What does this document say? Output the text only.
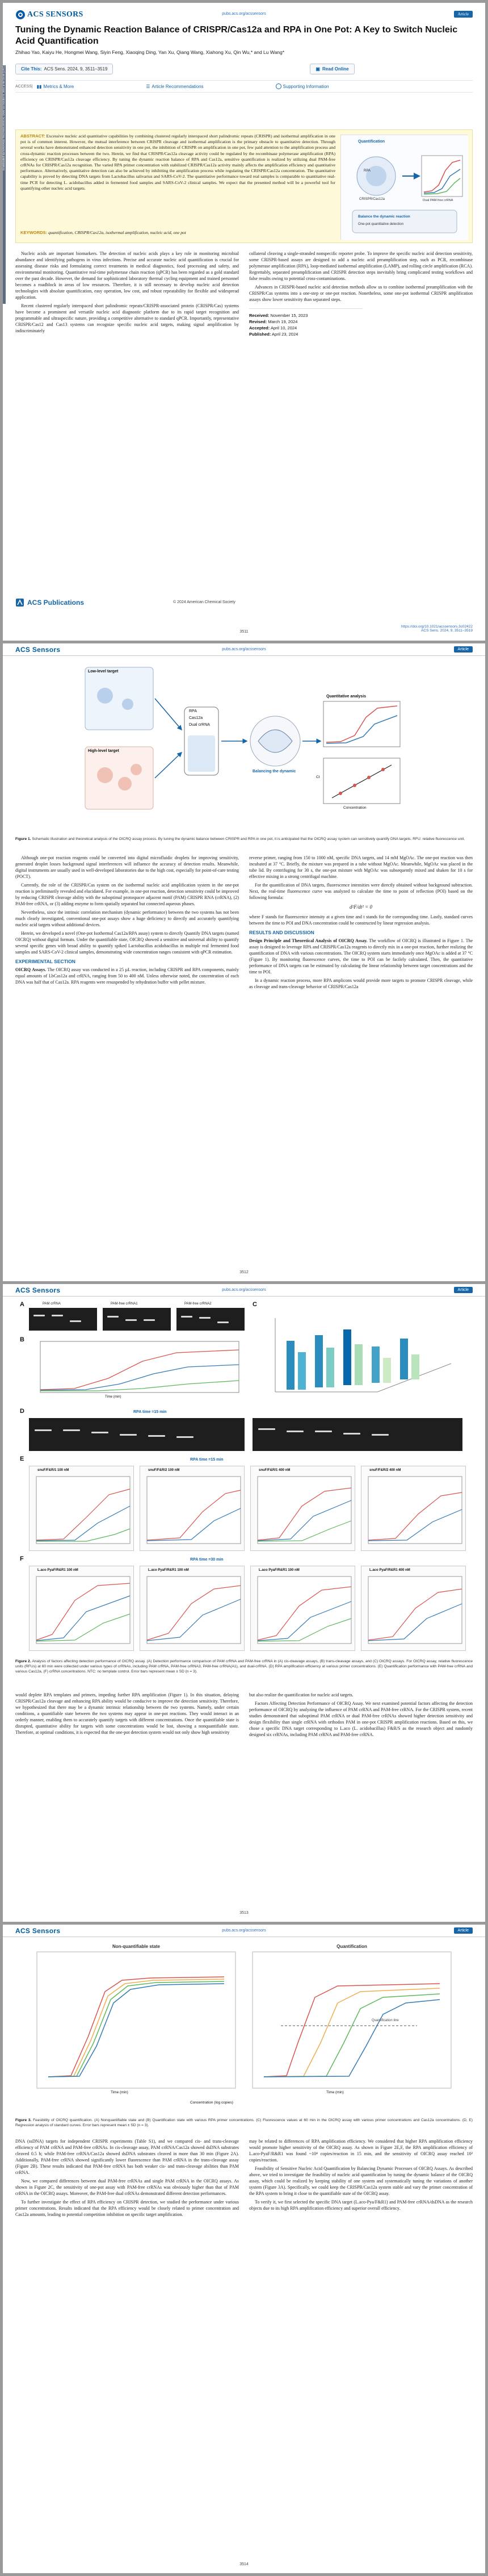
Downloaded via NANYANG TECHNOLOGICAL UNIV on October 8, 2024 at 06:15:40 (UTC).
ACS SENSORS	pubs.acs.org/acssensors	Article
Tuning the Dynamic Reaction Balance of CRISPR/Cas12a and RPA in One Pot: A Key to Switch Nucleic Acid Quantification
Zhihao Yao, Kaiyu He, Hongmei Wang, Siyin Feng, Xiaoqing Ding, Yan Xu, Qiang Wang, Xiahong Xu, Qin Wu,* and Lu Wang*
Cite This: ACS Sens. 2024, 9, 3511–3519	▣ Read Online
ACCESS| ▮▮ Metrics & More	☰ Article Recommendations	Supporting Information
ABSTRACT: Excessive nucleic acid quantitative capabilities by combining clustered regularly interspaced short palindromic repeats (CRISPR) and isothermal amplification in one pot is of common interest. However, the mutual interference between CRISPR cleavage and isothermal amplification is the primary obstacle to quantitative detection. Through several works have demonstrated enhanced detection sensitivity in one pot, the inhibition of CRISPR on amplification in one pot, few paid attention to the amplification process and cross-dynamic reaction processes between the two. Herein, we find that CRISPR/Cas12a cleavage activity could be regulated by the recombinase polymerase amplification (RPA) efficiency on CRISPR/Cas12a cleavage efficiency. By tuning the dynamic reaction balance of RPA and Cas12a, sensitive quantification is realized by utilizing dual PAM-free crRNAs for CRISPR/Cas12a recognition. The varied RPA primer concentration with stabilized CRISPR/Cas12a activity mainly affects the amplification efficiency and quantitative performance. Alternatively, quantitative detection can also be achieved by inhibiting the amplification process while regulating the CRISPR/Cas12a concentration. The quantitative capability is proved by detecting DNA targets from Lactobacillus salivarius and SARS-CoV-2. The quantitative performance toward real samples is comparable to quantitative real-time PCR for detecting L. acidobacillus added in fermented food samples and SARS-CoV-2 clinical samples. We expect that the presented method will be a powerful tool for quantifying other nucleic acid targets.
Quantification
RPA
CRISPR/Cas12a	Dual PAM-free crRNA
Balance the dynamic reaction
One-pot quantitative detection
KEYWORDS: quantification, CRISPR/Cas12a, isothermal amplification, nucleic acid, one pot

Nucleic acids are important biomarkers. The detection of nucleic acids plays a key role in monitoring microbial abundance and identifying pathogens in virus infections. Precise and accurate nucleic acid quantification is crucial for assessing disease risks and formulating correct treatments in medical diagnostics, food processing and safety, and environmental monitoring. Quantitative real-time polymerase chain reaction (qPCR) has been regarded as a gold standard over the past decade. However, the demand for sophisticated laboratory thermal cycling equipment and trained personnel becomes a roadblock in areas of low resources. Therefore, it is still necessary to develop nucleic acid detection technologies with absolute quantification, easy operation, low cost, and robust repeatability for flexible and widespread application.

Recent clustered regularly interspaced short palindromic repeats/CRISPR-associated protein (CRISPR/Cas) systems have become a prominent and versatile nucleic acid diagnostic platform due to its rapid target recognition and programmable and ultraspecific nature, providing a competitive alternative to standard qPCR. Importantly, representative CRISPR/Cas12 and Cas13 systems can recognize specific nucleic acid targets, making signal amplification by indiscriminately

collateral cleaving a single-stranded nonspecific reporter probe. To improve the specific nucleic acid detection sensitivity, some CRISPR-based assays are designed to add a nucleic acid preamplification step, such as PCR, recombinase polymerase amplification (RPA), loop-mediated isothermal amplification (LAMP), and rolling circle amplification (RCA). Regrettably, separated preamplification and CRISPR detection steps inevitably bring complicated testing workflows and false results owing to potential cross-contaminations.

Advances in CRISPR-based nucleic acid detection methods allow us to combine isothermal preamplification with the CRISPR/Cas systems into a one-step or one-pot reaction. Nonetheless, some one-pot isothermal CRISPR amplification assays show lower sensitivity than separated steps.

Received: November 15, 2023
Revised: March 19, 2024
Accepted: April 10, 2024
Published: April 23, 2024
ACS Publications	© 2024 American Chemical Society
3511
https://doi.org/10.1021/acssensors.3c02422
ACS Sens. 2024, 9, 3511–3519
ACS Sensors	pubs.acs.org/acssensors	Article
Low-level target
High-level target
RPA
Cas12a
Dual crRNA
Balancing the dynamic
Quantitative analysis
Ct
Concentration
Figure 1. Schematic illustration and theoretical analysis of the OICRQ assay process. By tuning the dynamic balance between CRISPR and RPA in one pot, it is anticipated that the OICRQ assay system can sensitively quantify DNA targets. RFU: relative fluorescence unit.

Although one-pot reaction reagents could be converted into digital microfluidic droplets for improving sensitivity, generated droplet losses background signal interferences will influence the accuracy of detection results. Meanwhile, digital instruments are usually used in well-developed laboratories due to the high cost, especially for point-of-care testing (POCT).

Currently, the role of the CRISPR/Cas system on the isothermal nucleic acid amplification system in the one-pot reaction is preliminarily revealed and elucidated. For example, in one-pot reaction, detection sensitivity could be improved by reducing CRISPR cleavage ability with the suboptimal protospacer adjacent motif (PAM) CRISPR RNA (crRNA), (2) PAM-free crRNA, or (3) adding enzyme to form spatially separated but connected aqueous phases.

Nevertheless, since the intrinsic correlation mechanism (dynamic performance) between the two systems has not been much clearly investigated, conventional one-pot assays show a huge deficiency to directly and accurately quantifying nucleic acid targets without additional devices.

Herein, we developed a novel (One-pot Isothermal Cas12a/RPA assay) system to directly Quantify DNA targets (named OICRQ) without digital formats. Under the quantifiable state, OICRQ showed a sensitive and universal ability to quantify several specific genes with broad ability to quantify spiked Lactobacillus acidobacillus in multiple real fermented food samples and SARS-CoV-2 clinical samples, demonstrating wide concentration ranges consistent with qPCR estimation.

EXPERIMENTAL SECTION

OICRQ Assays. The OICRQ assay was conducted in a 25 µL reaction, including CRISPR and RPA components, mainly equal amounts of LbCas12a and crRNA, ranging from 50 to 400 nM. Unless otherwise noted, the concentration of each DNA was half that of Cas12a. RPA reagents were resuspended by rehydration buffer with pellet mixture.

reverse primer, ranging from 150 to 1000 nM, specific DNA targets, and 14 mM MgOAc. The one-pot reaction was then incubated at 37 °C. Briefly, the mixture was prepared in a tube without MgOAc. Meanwhile, MgOAc was placed in the tube lid. By centrifuging for 30 s, the one-pot mixture with MgOAc was subsequently mixed and shaken for 10 s for effective mixing in a strong centrifugal machine.

For the quantification of DNA targets, fluorescence intensities were directly obtained without background subtraction. Next, the real-time fluorescence curve was analyzed to calculate the time to point of reflection (POI) based on the following formula:

d²F/dt² = 0

where F stands for fluorescence intensity at a given time and t stands for the corresponding time. Lastly, standard curves between the time to POI and DNA concentration could be constructed by linear regression analysis.

RESULTS AND DISCUSSION

Design Principle and Theoretical Analysis of OICRQ Assay. The workflow of OICRQ is illustrated in Figure 1. The assay is designed to leverage RPA and CRISPR/Cas12a reagents to directly mix in a one-pot reaction, further realizing the quantification of DNA with various concentrations. The OICRQ system starts immediately once MgOAc is added at 37 °C (Figure 1). By monitoring fluorescence curves, the time to POI can be facilely calculated. Then, the quantitative performance of DNA targets can be estimated by calculating the linear relationship between target concentrations and the time to POI.

In a dynamic reaction process, more RPA amplicons would provide more targets to promote CRISPR cleavage, while as cleavage and trans-cleavage behavior of CRISPR/Cas12a

3512
ACS Sensors	pubs.acs.org/acssensors	Article
A	PAM crRNA	PAM-free crRNA1	PAM-free crRNA2
B
Time (min)
C
D	RPA time =15 min
E	RPA time =15 min
snuF/F&R/1 100 nM	snuF/F&R/2 100 nM	snuF/F&R/1 400 nM	snuF/F&R/2 400 nM
F	RPA time =30 min
L.aco PyaF/R&R1 100 nM	L.aco PyaF/R&R1 100 nM	L.aco PyaF/R&R1 100 nM	L.aco PyaF/R&R1 400 nM
Figure 2. Analysis of factors affecting detection performance of OICRQ assay. (A) Detection performance comparison of PAM crRNA and PAM-free crRNA in (A) cis-cleavage assays, (B) trans-cleavage assays, and (C) OICRQ assays. For OICRQ assay, relative fluorescence units (RFUs) at 60 min were collected under various types of crRNAs, including PAM crRNA, PAM-free crRNA3, PAM-free crRNA(A1), and dual-crRNA. (D) RPA amplification efficiency at various primer concentrations. (E) Quantification performance with PAM-free crRNA and various Cas12a, (F) crRNA concentrations. NTC: no template control. Error bars represent mean ± SD (n = 3).

would deplete RPA templates and primers, impeding further RPA amplification (Figure 1). In this situation, delaying CRISPR/Cas12a cleavage and enhancing RPA ability would be conducive to improve the detection sensitivity. Therefore, we hypothesized that there may be a dynamic intrinsic relationship between the two systems. Namely, under certain conditions, a quantifiable state between the two systems may appear in one-pot reactions. They would interact in an orderly manner, enabling them to accurately quantify targets with different concentrations. Once the quantifiable state is disrupted, quantitative ability for targets with some concentrations would be lost, showing a nonquantifiable state. Therefore, at optimal conditions, it is expected that the one-pot detection system would not only show high sensitivity

but also realize the quantification for nucleic acid targets.

Factors Affecting Detection Performance of OICRQ Assay. We next examined potential factors affecting the detection performance of OICRQ by analyzing the influence of PAM crRNA and PAM-free crRNA. For the CRISPR system, recent studies demonstrated that suboptimal PAM crRNA or dual PAM-free crRNAs showed higher detection sensitivity and design flexibility than single crRNA with orthodox PAM in one-pot CRISPR amplification reactions. Based on this, we chose a specific DNA target corresponding to L.aco (L. acidobacillus) F&R/S as the research object and randomly designed six crRNAs, including PAM crRNA and PAM-free crRNA.

3513
ACS Sensors	pubs.acs.org/acssensors	Article
Non-quantifiable state	Quantification
Quantification line
Time (min)	Time (min)
Concentration (log copies)
Figure 3. Feasibility of OICRQ quantification. (A) Nonquantifiable state and (B) Quantification state with various RPA primer concentrations. (C) Fluorescence values at 60 min in the OICRQ assay with various primer concentrations and Cas12a concentrations. (D, E) Regression analysis of standard curves. Error bars represent mean ± SD (n = 3).

DNA (ssDNA) targets for independent CRISPR experiments (Table S1), and we compared cis- and trans-cleavage efficiency of PAM crRNA and PAM-free crRNAs. In cis-cleavage assay, PAM crRNA/Cas12a showed dsDNA substrates cleaved 0.5 h; while PAM-free crRNA/Cas12a showed dsDNA substrates cleaved in more than 30 min (Figure 2A). Additionally, PAM-free crRNA showed significantly lower fluorescence than PAM crRNA in the trans-cleavage assay (Figure 2B). These results indicated that PAM-free crRNA has both weaker cis- and trans-cleavage abilities than PAM crRNA.

Now, we compared differences between dual PAM-free crRNAs and single PAM crRNA in the OICRQ assays. As shown in Figure 2C, the sensitivity of one-pot assay with PAM-free crRNAs was obviously higher than that of PAM crRNA in the OICRQ assays. Moreover, the PAM-free dual crRNAs demonstrated different detection performances.

To further investigate the effect of RPA efficiency on CRISPR detection, we studied the performance under various primer concentrations. Results indicated that the RPA efficiency would be closely related to primer concentration and Cas12a amounts, leading to potential competition inhibition on specific target amplification.

may be related to differences of RPA amplification efficiency. We considered that higher RPA amplification efficiency would promote higher sensitivity of the OICRQ assay. As shown in Figure 2E,F, the RPA amplification efficiency of L.aco-PyaF/R&R1 was found ~10⁴ copies/reaction in 15 min, and the sensitivity of OICRQ assay reached 10² copies/reaction.

Feasibility of Sensitive Nucleic Acid Quantification by Balancing Dynamic Processes of OICRQ Assays. As described above, we tried to investigate the feasibility of nucleic acid quantification by tuning the dynamic balance of the OICRQ assay, which could be realized by keeping stability of one system and systematically tuning the variations of another system (Figure 3A). Specifically, we could keep the CRISPR/Cas12a system stable and vary the primer concentration of the RPA system to bring it close to the quantifiable state of the OICRQ assay.

To verify it, we first selected the specific DNA target (L.aco-Pya/F&R1) and PAM-free crRNA/dsDNA as the research objects due to its high RPA amplification efficiency and superior overall efficiency.

3514
